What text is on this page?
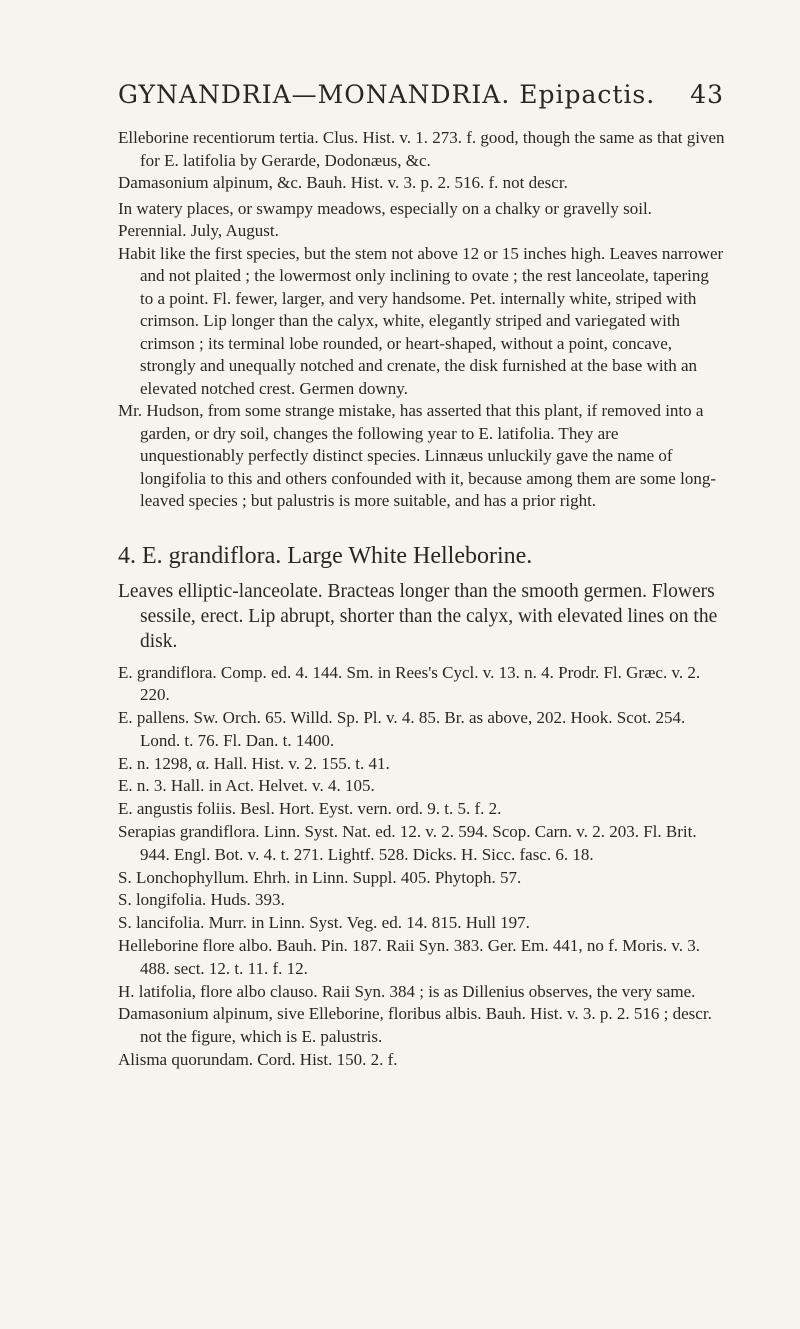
GYNANDRIA—MONANDRIA. Epipactis. 43

Elleborine recentiorum tertia. Clus. Hist. v. 1. 273. f. good, though the same as that given for E. latifolia by Gerarde, Dodonæus, &c.

Damasonium alpinum, &c. Bauh. Hist. v. 3. p. 2. 516. f. not descr.

In watery places, or swampy meadows, especially on a chalky or gravelly soil.

Perennial. July, August.

Habit like the first species, but the stem not above 12 or 15 inches high. Leaves narrower and not plaited ; the lowermost only inclining to ovate ; the rest lanceolate, tapering to a point. Fl. fewer, larger, and very handsome. Pet. internally white, striped with crimson. Lip longer than the calyx, white, elegantly striped and variegated with crimson ; its terminal lobe rounded, or heart-shaped, without a point, concave, strongly and unequally notched and crenate, the disk furnished at the base with an elevated notched crest. Germen downy.

Mr. Hudson, from some strange mistake, has asserted that this plant, if removed into a garden, or dry soil, changes the following year to E. latifolia. They are unquestionably perfectly distinct species. Linnæus unluckily gave the name of longifolia to this and others confounded with it, because among them are some long-leaved species ; but palustris is more suitable, and has a prior right.

4. E. grandiflora. Large White Helleborine.

Leaves elliptic-lanceolate. Bracteas longer than the smooth germen. Flowers sessile, erect. Lip abrupt, shorter than the calyx, with elevated lines on the disk.

E. grandiflora. Comp. ed. 4. 144. Sm. in Rees's Cycl. v. 13. n. 4. Prodr. Fl. Græc. v. 2. 220.

E. pallens. Sw. Orch. 65. Willd. Sp. Pl. v. 4. 85. Br. as above, 202. Hook. Scot. 254. Lond. t. 76. Fl. Dan. t. 1400.

E. n. 1298, α. Hall. Hist. v. 2. 155. t. 41.

E. n. 3. Hall. in Act. Helvet. v. 4. 105.

E. angustis foliis. Besl. Hort. Eyst. vern. ord. 9. t. 5. f. 2.

Serapias grandiflora. Linn. Syst. Nat. ed. 12. v. 2. 594. Scop. Carn. v. 2. 203. Fl. Brit. 944. Engl. Bot. v. 4. t. 271. Lightf. 528. Dicks. H. Sicc. fasc. 6. 18.

S. Lonchophyllum. Ehrh. in Linn. Suppl. 405. Phytoph. 57.

S. longifolia. Huds. 393.

S. lancifolia. Murr. in Linn. Syst. Veg. ed. 14. 815. Hull 197.

Helleborine flore albo. Bauh. Pin. 187. Raii Syn. 383. Ger. Em. 441, no f. Moris. v. 3. 488. sect. 12. t. 11. f. 12.

H. latifolia, flore albo clauso. Raii Syn. 384 ; is as Dillenius observes, the very same.

Damasonium alpinum, sive Elleborine, floribus albis. Bauh. Hist. v. 3. p. 2. 516 ; descr. not the figure, which is E. palustris.

Alisma quorundam. Cord. Hist. 150. 2. f.
